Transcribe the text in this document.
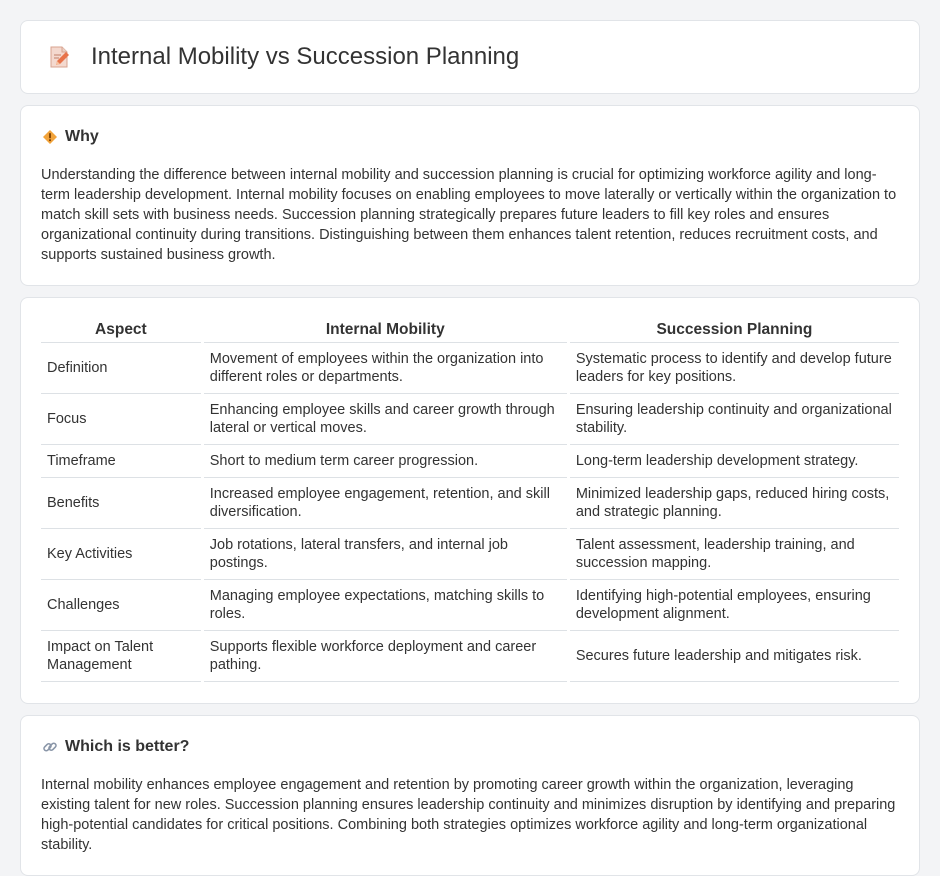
Internal Mobility vs Succession Planning
Why

Understanding the difference between internal mobility and succession planning is crucial for optimizing workforce agility and long-term leadership development. Internal mobility focuses on enabling employees to move laterally or vertically within the organization to match skill sets with business needs. Succession planning strategically prepares future leaders to fill key roles and ensures organizational continuity during transitions. Distinguishing between them enhances talent retention, reduces recruitment costs, and supports sustained business growth.

Aspect	Internal Mobility	Succession Planning
Definition	Movement of employees within the organization into different roles or departments.	Systematic process to identify and develop future leaders for key positions.
Focus	Enhancing employee skills and career growth through lateral or vertical moves.	Ensuring leadership continuity and organizational stability.
Timeframe	Short to medium term career progression.	Long-term leadership development strategy.
Benefits	Increased employee engagement, retention, and skill diversification.	Minimized leadership gaps, reduced hiring costs, and strategic planning.
Key Activities	Job rotations, lateral transfers, and internal job postings.	Talent assessment, leadership training, and succession mapping.
Challenges	Managing employee expectations, matching skills to roles.	Identifying high-potential employees, ensuring development alignment.
Impact on Talent Management	Supports flexible workforce deployment and career pathing.	Secures future leadership and mitigates risk.
Which is better?

Internal mobility enhances employee engagement and retention by promoting career growth within the organization, leveraging existing talent for new roles. Succession planning ensures leadership continuity and minimizes disruption by identifying and preparing high-potential candidates for critical positions. Combining both strategies optimizes workforce agility and long-term organizational stability.
